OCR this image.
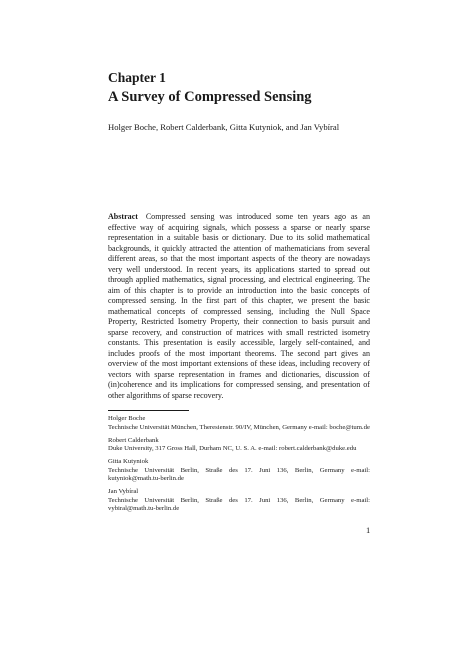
Chapter 1
A Survey of Compressed Sensing
Holger Boche, Robert Calderbank, Gitta Kutyniok, and Jan Vybíral
Abstract Compressed sensing was introduced some ten years ago as an effective way of acquiring signals, which possess a sparse or nearly sparse representation in a suitable basis or dictionary. Due to its solid mathematical backgrounds, it quickly attracted the attention of mathematicians from several different areas, so that the most important aspects of the theory are nowadays very well understood. In recent years, its applications started to spread out through applied mathematics, signal processing, and electrical engineering. The aim of this chapter is to provide an introduction into the basic concepts of compressed sensing. In the first part of this chapter, we present the basic mathematical concepts of compressed sensing, including the Null Space Property, Restricted Isometry Property, their connection to basis pursuit and sparse recovery, and construction of matrices with small restricted isometry constants. This presentation is easily accessible, largely self-contained, and includes proofs of the most important theorems. The second part gives an overview of the most important extensions of these ideas, including recovery of vectors with sparse representation in frames and dictionaries, discussion of (in)coherence and its implications for compressed sensing, and presentation of other algorithms of sparse recovery.
Holger Boche
Technische Universität München, Theresienstr. 90/IV, München, Germany e-mail: boche@tum.de
Robert Calderbank
Duke University, 317 Gross Hall, Durham NC, U. S. A. e-mail: robert.calderbank@duke.edu
Gitta Kutyniok
Technische Universität Berlin, Straße des 17. Juni 136, Berlin, Germany e-mail: kutyniok@math.tu-berlin.de
Jan Vybíral
Technische Universität Berlin, Straße des 17. Juni 136, Berlin, Germany e-mail: vybiral@math.tu-berlin.de
1
